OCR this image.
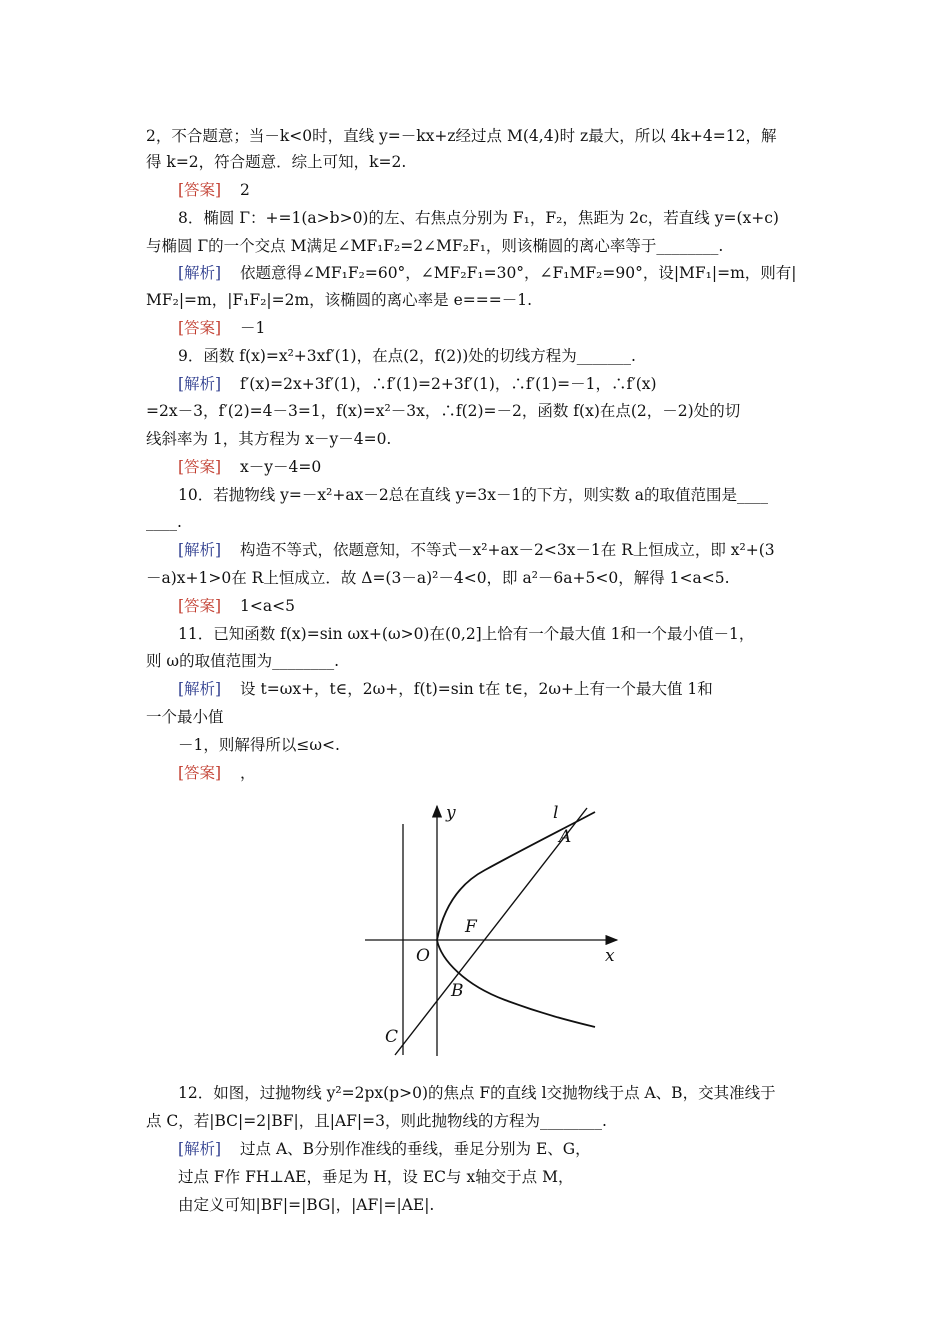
2，不合题意；当－k<0时，直线 y=－kx+z经过点 M(4,4)时 z最大，所以 4k+4=12，解
得 k=2，符合题意．综上可知，k=2.
[答案] 2
8．椭圆 Γ：+=1(a>b>0)的左、右焦点分别为 F₁，F₂，焦距为 2c，若直线 y=(x+c)
与椭圆 Γ的一个交点 M满足∠MF₁F₂=2∠MF₂F₁，则该椭圆的离心率等于________.
[解析] 依题意得∠MF₁F₂=60°，∠MF₂F₁=30°，∠F₁MF₂=90°，设|MF₁|=m，则有|
MF₂|=m，|F₁F₂|=2m，该椭圆的离心率是 e===－1.
[答案] －1
9．函数 f(x)=x²+3xf′(1)，在点(2，f(2))处的切线方程为_______.
[解析] f′(x)=2x+3f′(1)，∴f′(1)=2+3f′(1)，∴f′(1)=－1，∴f′(x)
=2x－3，f′(2)=4－3=1，f(x)=x²－3x，∴f(2)=－2，函数 f(x)在点(2，－2)处的切
线斜率为 1，其方程为 x－y－4=0.
[答案] x－y－4=0
10．若抛物线 y=－x²+ax－2总在直线 y=3x－1的下方，则实数 a的取值范围是____
____.
[解析] 构造不等式，依题意知，不等式－x²+ax－2<3x－1在 R上恒成立，即 x²+(3
－a)x+1>0在 R上恒成立．故 Δ=(3－a)²－4<0，即 a²－6a+5<0，解得 1<a<5.
[答案] 1<a<5
11．已知函数 f(x)=sin ωx+(ω>0)在(0,2]上恰有一个最大值 1和一个最小值－1，
则 ω的取值范围为________.
[解析] 设 t=ωx+，t∈，2ω+，f(t)=sin t在 t∈，2ω+上有一个最大值 1和
一个最小值
－1，则解得所以≤ω<.
[答案] ，
y
x
O
F
A
B
C
l
12．如图，过抛物线 y²=2px(p>0)的焦点 F的直线 l交抛物线于点 A、B，交其准线于
点 C，若|BC|=2|BF|，且|AF|=3，则此抛物线的方程为________.
[解析] 过点 A、B分别作准线的垂线，垂足分别为 E、G，
过点 F作 FH⊥AE，垂足为 H，设 EC与 x轴交于点 M，
由定义可知|BF|=|BG|，|AF|=|AE|.
